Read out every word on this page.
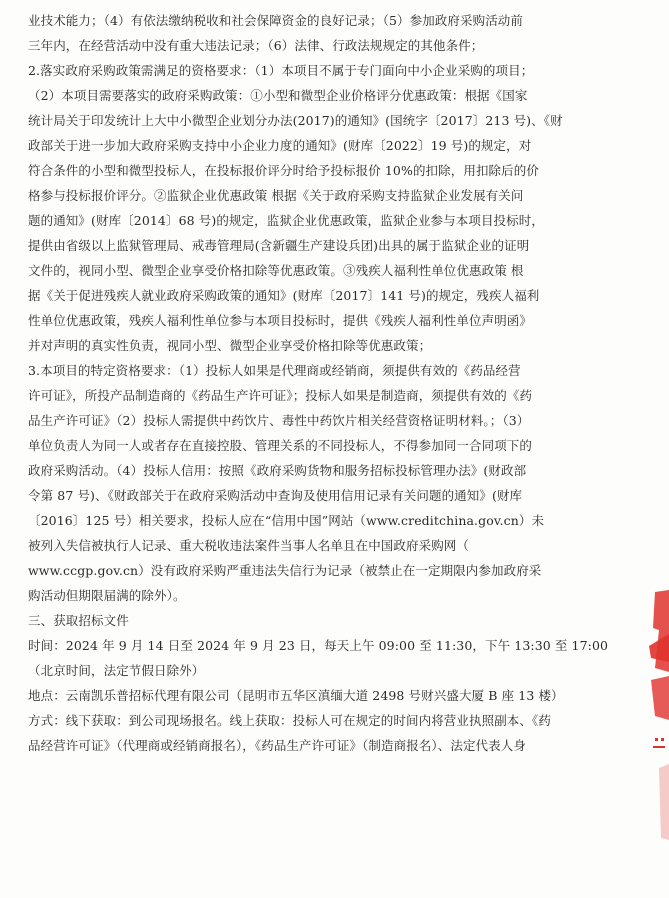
业技术能力；（4）有依法缴纳税收和社会保障资金的良好记录；（5）参加政府采购活动前
三年内，在经营活动中没有重大违法记录；（6）法律、行政法规规定的其他条件；
2.落实政府采购政策需满足的资格要求：（1）本项目不属于专门面向中小企业采购的项目；
（2）本项目需要落实的政府采购政策：①小型和微型企业价格评分优惠政策：根据《国家
统计局关于印发统计上大中小微型企业划分办法(2017)的通知》(国统字〔2017〕213 号)、《财
政部关于进一步加大政府采购支持中小企业力度的通知》(财库〔2022〕19 号)的规定，对
符合条件的小型和微型投标人，在投标报价评分时给予投标报价 10%的扣除，用扣除后的价
格参与投标报价评分。②监狱企业优惠政策 根据《关于政府采购支持监狱企业发展有关问
题的通知》(财库〔2014〕68 号)的规定，监狱企业优惠政策，监狱企业参与本项目投标时，
提供由省级以上监狱管理局、戒毒管理局(含新疆生产建设兵团)出具的属于监狱企业的证明
文件的，视同小型、微型企业享受价格扣除等优惠政策。③残疾人福利性单位优惠政策 根
据《关于促进残疾人就业政府采购政策的通知》(财库〔2017〕141 号)的规定，残疾人福利
性单位优惠政策，残疾人福利性单位参与本项目投标时，提供《残疾人福利性单位声明函》
并对声明的真实性负责，视同小型、微型企业享受价格扣除等优惠政策；
3.本项目的特定资格要求：（1）投标人如果是代理商或经销商，须提供有效的《药品经营
许可证》，所投产品制造商的《药品生产许可证》；投标人如果是制造商，须提供有效的《药
品生产许可证》（2）投标人需提供中药饮片、毒性中药饮片相关经营资格证明材料。；（3）
单位负责人为同一人或者存在直接控股、管理关系的不同投标人，不得参加同一合同项下的
政府采购活动。（4）投标人信用：按照《政府采购货物和服务招标投标管理办法》(财政部
令第 87 号)、《财政部关于在政府采购活动中查询及使用信用记录有关问题的通知》(财库
〔2016〕125 号）相关要求，投标人应在“信用中国”网站（www.creditchina.gov.cn）未
被列入失信被执行人记录、重大税收违法案件当事人名单且在中国政府采购网（
www.ccgp.gov.cn）没有政府采购严重违法失信行为记录（被禁止在一定期限内参加政府采
购活动但期限届满的除外）。
三、获取招标文件
时间：2024 年 9 月 14 日至 2024 年 9 月 23 日，每天上午 09:00 至 11:30，下午 13:30 至 17:00
（北京时间，法定节假日除外）
地点：云南凯乐普招标代理有限公司（昆明市五华区滇缅大道 2498 号财兴盛大厦 B 座 13 楼）
方式：线下获取：到公司现场报名。线上获取：投标人可在规定的时间内将营业执照副本、《药
品经营许可证》（代理商或经销商报名），《药品生产许可证》（制造商报名）、法定代表人身
